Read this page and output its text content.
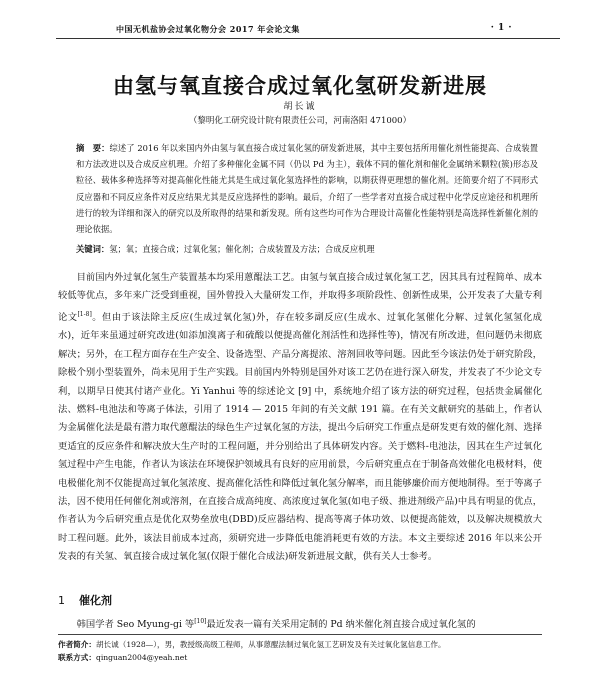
中国无机盐协会过氧化物分会 2017 年会论文集	· 1 ·
由氢与氧直接合成过氧化氢研发新进展
胡长诚
（黎明化工研究设计院有限责任公司，河南洛阳 471000）

摘　要：综述了 2016 年以来国内外由氢与氧直接合成过氧化氢的研发新进展，其中主要包括所用催化剂性能提高、合成装置和方法改进以及合成反应机理。介绍了多种催化金属不同（仍以 Pd 为主），载体不同的催化剂和催化金属纳米颗粒(簇)形态及粒径、载体多种选择等对提高催化性能尤其是生成过氧化氢选择性的影响，以期获得更理想的催化剂。还简要介绍了不同形式反应器和不同反应条件对反应结果尤其是反应选择性的影响。最后，介绍了一些学者对直接合成过程中化学反应途径和机理所进行的较为详细和深入的研究以及所取得的结果和新发现。所有这些均可作为合理设计高催化性能特别是高选择性新催化剂的理论依据。

关键词：氢；氧；直接合成；过氧化氢；催化剂；合成装置及方法；合成反应机理

目前国内外过氧化氢生产装置基本均采用蒽醌法工艺。由氢与氧直接合成过氧化氢工艺，因其具有过程简单、成本较低等优点，多年来广泛受到重视，国外曾投入大量研发工作，并取得多项阶段性、创新性成果，公开发表了大量专利论文[1-8]。但由于该法除主反应(生成过氧化氢)外，存在较多副反应(生成水、过氧化氢催化分解、过氧化氢氢化成水)，近年来虽通过研究改进(如添加溴离子和硫酸以便提高催化剂活性和选择性等)，情况有所改进，但问题仍未彻底解决；另外，在工程方面存在生产安全、设备选型、产品分离提浓、溶剂回收等问题。因此至今该法仍处于研究阶段，除极个别小型装置外，尚未见用于生产实践。目前国内外特别是国外对该工艺仍在进行深入研发，并发表了不少论文专利，以期早日使其付诸产业化。Yi Yanhui 等的综述论文 [9] 中，系统地介绍了该方法的研究过程，包括贵金属催化法、燃料-电池法和等离子体法，引用了 1914 — 2015 年间的有关文献 191 篇。在有关文献研究的基础上，作者认为金属催化法是最有潜力取代蒽醌法的绿色生产过氧化氢的方法，提出今后研究工作重点是研发更有效的催化剂、选择更适宜的反应条件和解决放大生产时的工程问题，并分别给出了具体研发内容。关于燃料-电池法，因其在生产过氧化氢过程中产生电能，作者认为该法在环境保护领域具有良好的应用前景，今后研究重点在于制备高效催化电极材料，使电极催化剂不仅能提高过氧化氢浓度、提高催化活性和降低过氧化氢分解率，而且能够廉价而方便地制得。至于等离子法，因不使用任何催化剂或溶剂，在直接合成高纯度、高浓度过氧化氢(如电子级、推进剂级产品)中具有明显的优点，作者认为今后研究重点是优化双势垒放电(DBD)反应器结构、提高等离子体功效、以便提高能效，以及解决规模放大时工程问题。此外，该法目前成本过高，须研究进一步降低电能消耗更有效的方法。本文主要综述 2016 年以来公开发表的有关氢、氧直接合成过氧化氢(仅限于催化合成法)研发新进展文献，供有关人士参考。

1 催化剂

韩国学者 Seo Myung-gi 等[10]最近发表一篇有关采用定制的 Pd 纳米催化剂直接合成过氧化氢的

作者简介：胡长诚（1928—），男，教授级高级工程师，从事蒽醌法制过氧化氢工艺研发及有关过氧化氢信息工作。
联系方式：qinguan2004@yeah.net
